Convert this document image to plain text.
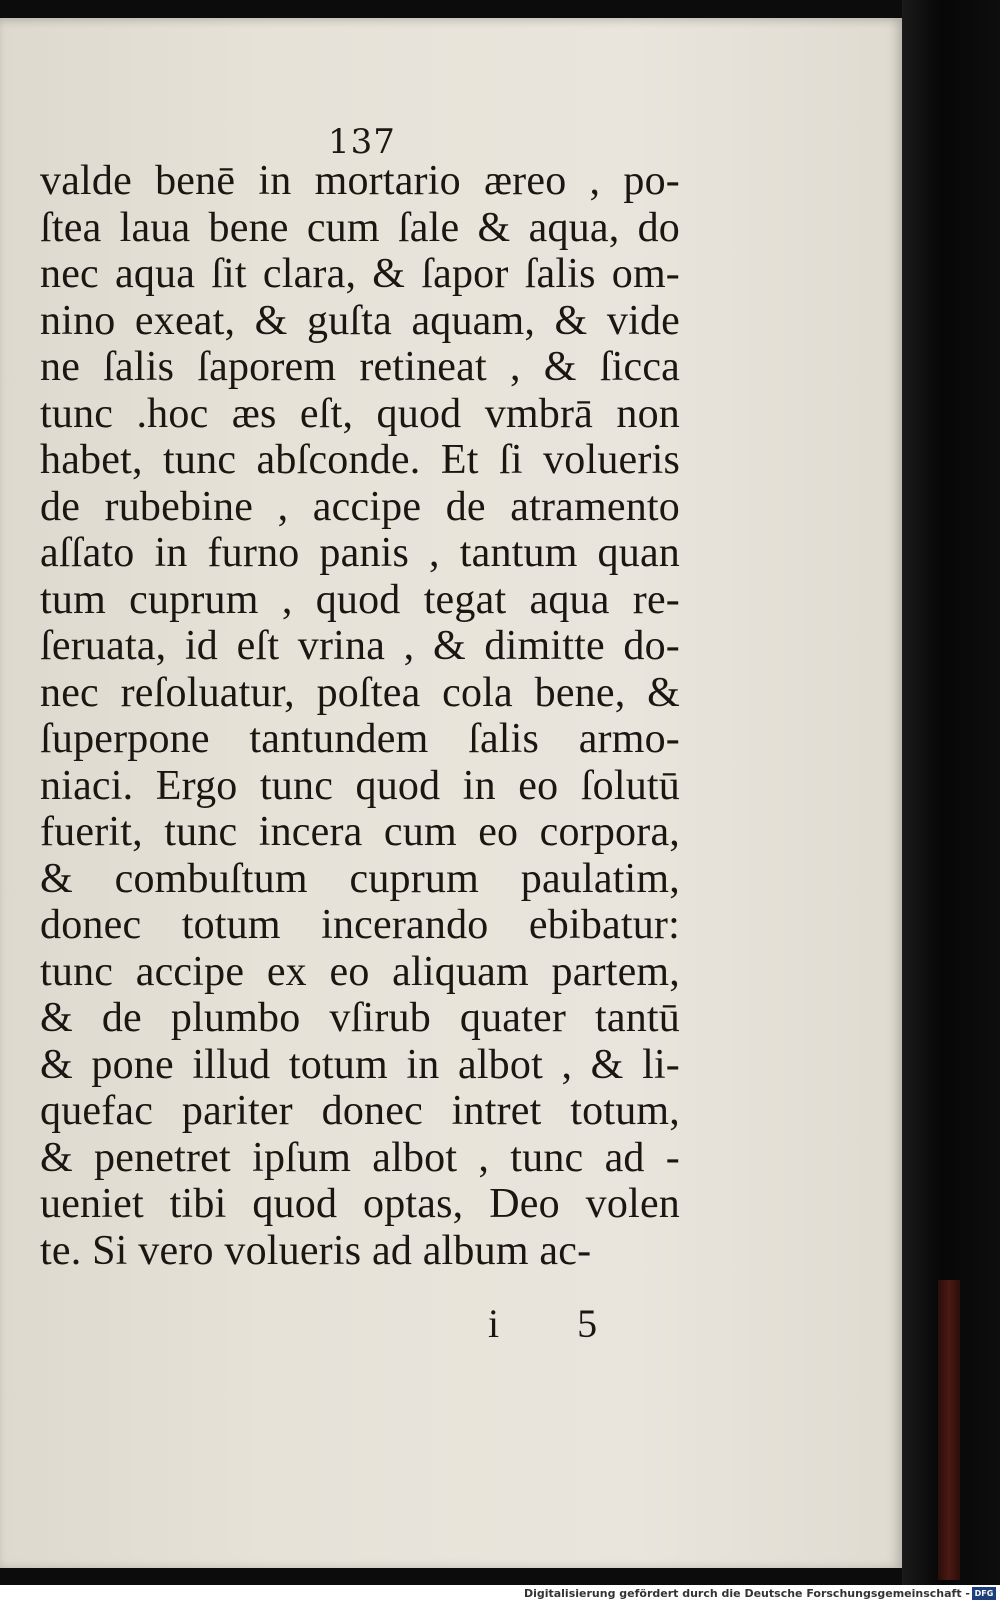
137
valde benē in mortario æreo , po-
ſtea laua bene cum ſale & aqua, do
nec aqua ſit clara, & ſapor ſalis om-
nino exeat, & guſta aquam, & vide
ne ſalis ſaporem retineat , & ſicca
tunc .hoc æs eſt, quod vmbrā non
habet, tunc abſconde. Et ſi volueris
de rubebine , accipe de atramento
aſſato in furno panis , tantum quan
tum cuprum , quod tegat aqua re-
ſeruata, id eſt vrina , & dimitte do-
nec reſoluatur, poſtea cola bene, &
ſuperpone tantundem ſalis armo-
niaci. Ergo tunc quod in eo ſolutū
fuerit, tunc incera cum eo corpora,
& combuſtum cuprum paulatim,
donec totum incerando ebibatur:
tunc accipe ex eo aliquam partem,
& de plumbo vſirub quater tantū
& pone illud totum in albot , & li-
quefac pariter donec intret totum,
& penetret ipſum albot , tunc ad -
ueniet tibi quod optas, Deo volen
te. Si vero volueris ad album ac-
i 5
Digitalisierung gefördert durch die Deutsche Forschungsgemeinschaft - DFG
